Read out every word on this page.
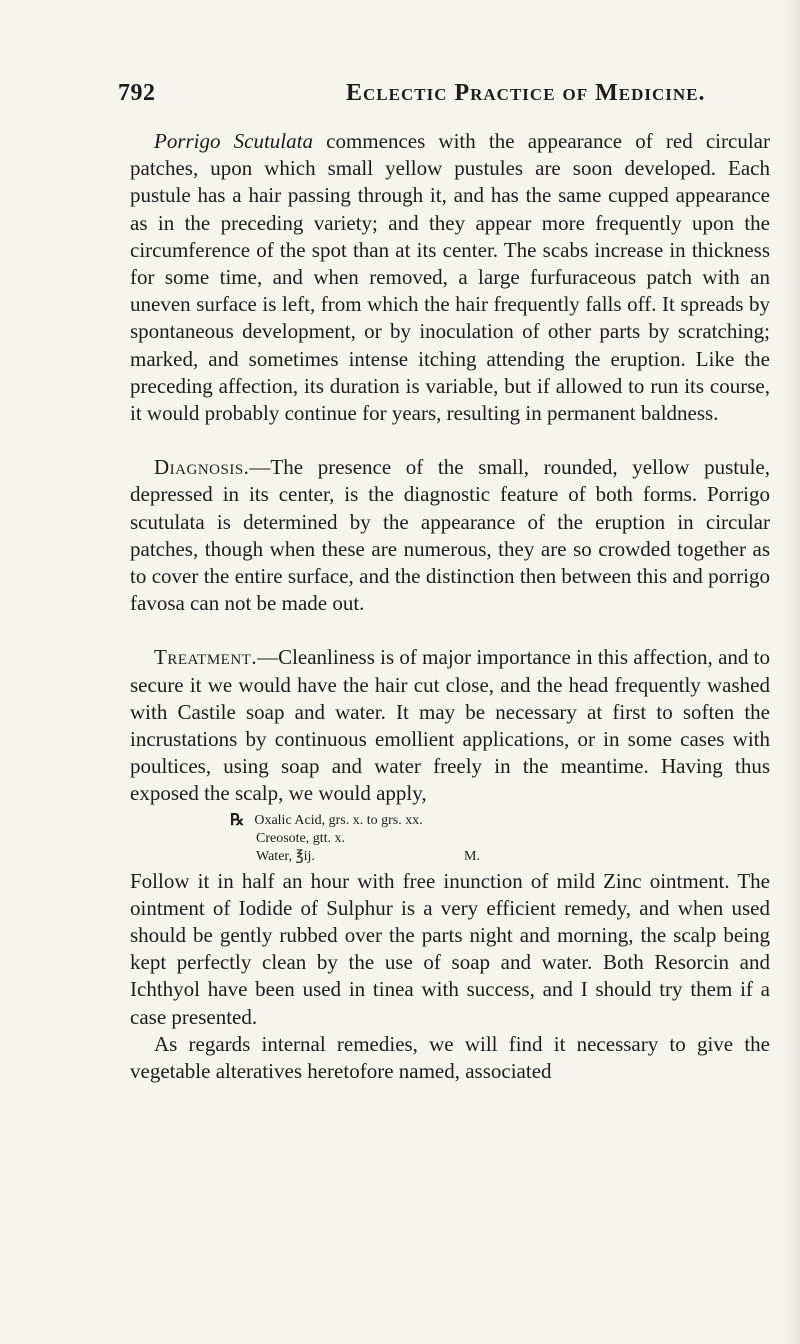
792	Eclectic Practice of Medicine.

Porrigo Scutulata commences with the appearance of red circular patches, upon which small yellow pustules are soon developed. Each pustule has a hair passing through it, and has the same cupped appearance as in the preceding variety; and they appear more frequently upon the circumference of the spot than at its center. The scabs increase in thickness for some time, and when removed, a large furfuraceous patch with an uneven surface is left, from which the hair frequently falls off. It spreads by spontaneous development, or by inoculation of other parts by scratching; marked, and sometimes intense itching attending the eruption. Like the preceding affection, its duration is variable, but if allowed to run its course, it would probably continue for years, resulting in permanent baldness.

Diagnosis.—The presence of the small, rounded, yellow pustule, depressed in its center, is the diagnostic feature of both forms. Porrigo scutulata is determined by the appearance of the eruption in circular patches, though when these are numerous, they are so crowded together as to cover the entire surface, and the distinction then between this and porrigo favosa can not be made out.

Treatment.—Cleanliness is of major importance in this affection, and to secure it we would have the hair cut close, and the head frequently washed with Castile soap and water. It may be necessary at first to soften the incrustations by continuous emollient applications, or in some cases with poultices, using soap and water freely in the meantime. Having thus exposed the scalp, we would apply,

℞ Oxalic Acid, grs. x. to grs. xx.
Creosote, gtt. x.
Water, ℥ij.	M.

Follow it in half an hour with free inunction of mild Zinc ointment. The ointment of Iodide of Sulphur is a very efficient remedy, and when used should be gently rubbed over the parts night and morning, the scalp being kept perfectly clean by the use of soap and water. Both Resorcin and Ichthyol have been used in tinea with success, and I should try them if a case presented.

As regards internal remedies, we will find it necessary to give the vegetable alteratives heretofore named, associated
